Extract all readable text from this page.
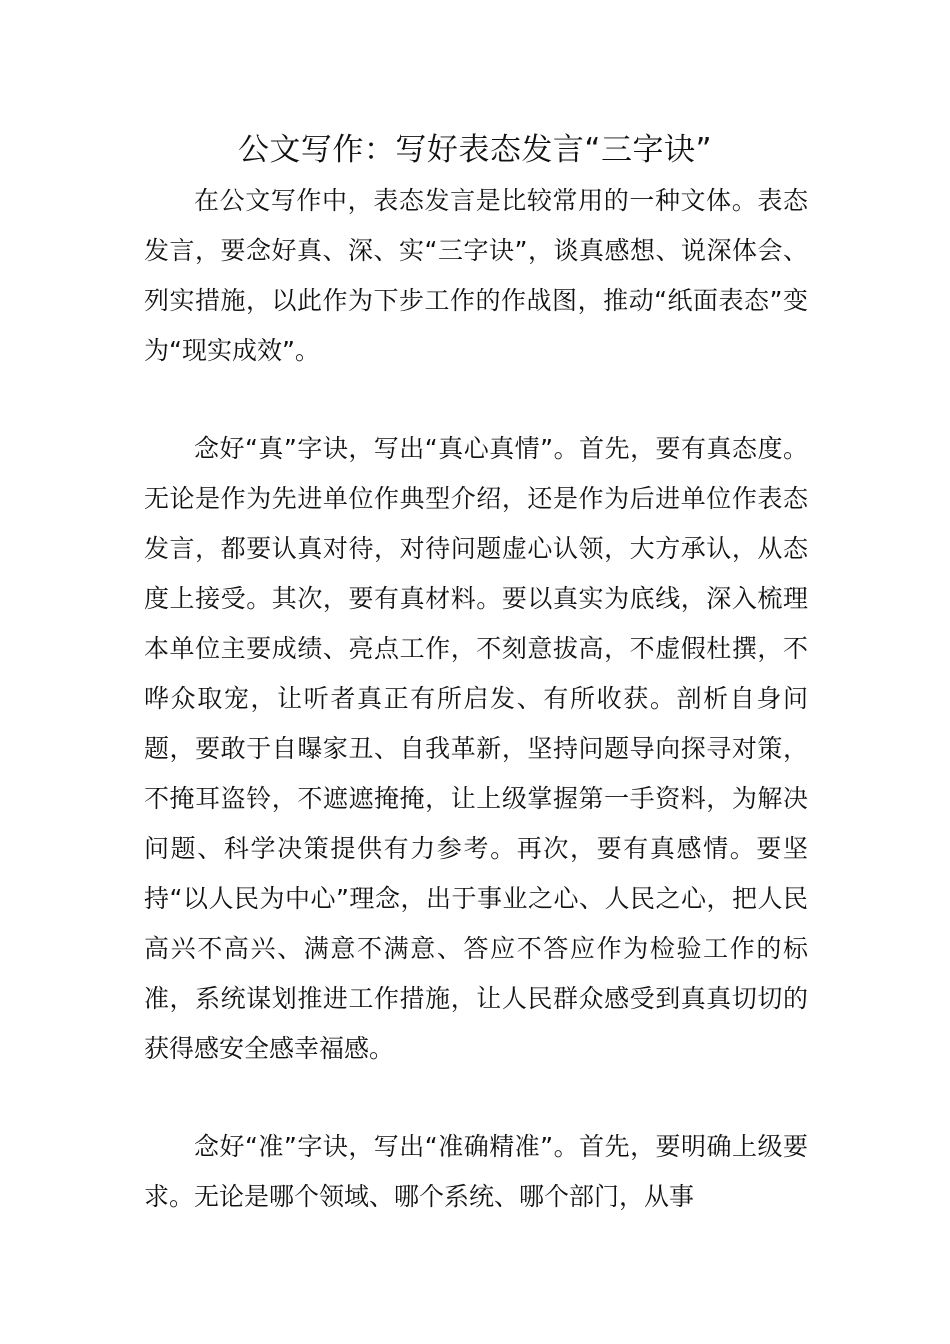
公文写作：写好表态发言“三字诀”

在公文写作中，表态发言是比较常用的一种文体。表态发言，要念好真、深、实“三字诀”，谈真感想、说深体会、列实措施，以此作为下步工作的作战图，推动“纸面表态”变为“现实成效”。

念好“真”字诀，写出“真心真情”。首先，要有真态度。无论是作为先进单位作典型介绍，还是作为后进单位作表态发言，都要认真对待，对待问题虚心认领，大方承认，从态度上接受。其次，要有真材料。要以真实为底线，深入梳理本单位主要成绩、亮点工作，不刻意拔高，不虚假杜撰，不哗众取宠，让听者真正有所启发、有所收获。剖析自身问题，要敢于自曝家丑、自我革新，坚持问题导向探寻对策，不掩耳盗铃，不遮遮掩掩，让上级掌握第一手资料，为解决问题、科学决策提供有力参考。再次，要有真感情。要坚持“以人民为中心”理念，出于事业之心、人民之心，把人民高兴不高兴、满意不满意、答应不答应作为检验工作的标准，系统谋划推进工作措施，让人民群众感受到真真切切的获得感安全感幸福感。

念好“准”字诀，写出“准确精准”。首先，要明确上级要求。无论是哪个领域、哪个系统、哪个部门，从事
